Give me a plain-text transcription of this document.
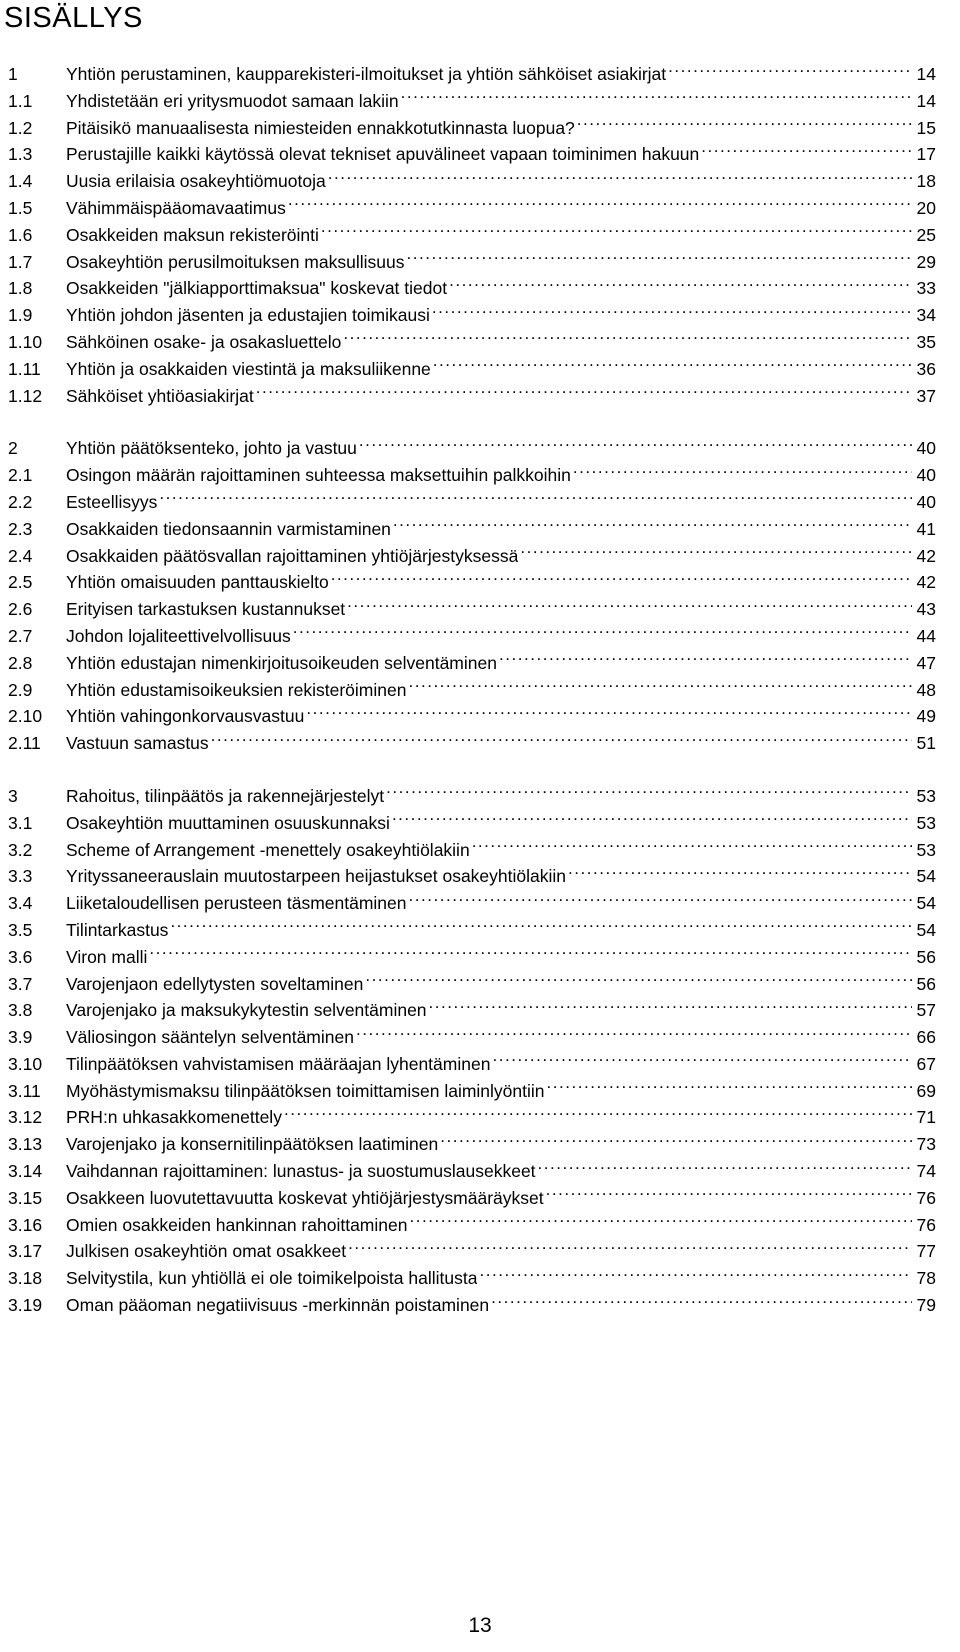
SISÄLLYS
1	Yhtiön perustaminen, kaupparekisteri-ilmoitukset ja yhtiön sähköiset asiakirjat . . .	14
1.1	Yhdistetään eri yritysmuodot samaan lakiin . . .	14
1.2	Pitäisikö manuaalisesta nimiesteiden ennakkotutkinnasta luopua? . . .	15
1.3	Perustajille kaikki käytössä olevat tekniset apuvälineet vapaan toiminimen hakuun . . .	17
1.4	Uusia erilaisia osakeyhtiömuotoja . . .	18
1.5	Vähimmäispääomavaatimus . . .	20
1.6	Osakkeiden maksun rekisteröinti . . .	25
1.7	Osakeyhtiön perusilmoituksen maksullisuus . . .	29
1.8	Osakkeiden "jälkiapporttimaksua" koskevat tiedot . . .	33
1.9	Yhtiön johdon jäsenten ja edustajien toimikausi . . .	34
1.10	Sähköinen osake- ja osakasluettelo . . .	35
1.11	Yhtiön ja osakkaiden viestintä ja maksuliikenne . . .	36
1.12	Sähköiset yhtiöasiakirjat . . .	37
2	Yhtiön päätöksenteko, johto ja vastuu . . .	40
2.1	Osingon määrän rajoittaminen suhteessa maksettuihin palkkoihin . . .	40
2.2	Esteellisyys . . .	40
2.3	Osakkaiden tiedonsaannin varmistaminen . . .	41
2.4	Osakkaiden päätösvallan rajoittaminen yhtiöjärjestyksessä . . .	42
2.5	Yhtiön omaisuuden panttauskielto . . .	42
2.6	Erityisen tarkastuksen kustannukset . . .	43
2.7	Johdon lojaliteettivelvollisuus . . .	44
2.8	Yhtiön edustajan nimenkirjoitusoikeuden selventäminen . . .	47
2.9	Yhtiön edustamisoikeuksien rekisteröiminen . . .	48
2.10	Yhtiön vahingonkorvausvastuu . . .	49
2.11	Vastuun samastus . . .	51
3	Rahoitus, tilinpäätös ja rakennejärjestelyt . . .	53
3.1	Osakeyhtiön muuttaminen osuuskunnaksi . . .	53
3.2	Scheme of Arrangement -menettely osakeyhtiölakiin . . .	53
3.3	Yrityssaneerauslain muutostarpeen heijastukset osakeyhtiölakiin . . .	54
3.4	Liiketaloudellisen perusteen täsmentäminen . . .	54
3.5	Tilintarkastus . . .	54
3.6	Viron malli . . .	56
3.7	Varojenjaon edellytysten soveltaminen . . .	56
3.8	Varojenjako ja maksukykytestin selventäminen . . .	57
3.9	Väliosingon sääntelyn selventäminen . . .	66
3.10	Tilinpäätöksen vahvistamisen määräajan lyhentäminen . . .	67
3.11	Myöhästymismaksu tilinpäätöksen toimittamisen laiminlyöntiin . . .	69
3.12	PRH:n uhkasakkomenettely . . .	71
3.13	Varojenjako ja konsernitilinpäätöksen laatiminen . . .	73
3.14	Vaihdannan rajoittaminen: lunastus- ja suostumuslausekkeet . . .	74
3.15	Osakkeen luovutettavuutta koskevat yhtiöjärjestysmääräykset . . .	76
3.16	Omien osakkeiden hankinnan rahoittaminen . . .	76
3.17	Julkisen osakeyhtiön omat osakkeet . . .	77
3.18	Selvitystila, kun yhtiöllä ei ole toimikelpoista hallitusta . . .	78
3.19	Oman pääoman negatiivisuus -merkinnän poistaminen . . .	79
13
